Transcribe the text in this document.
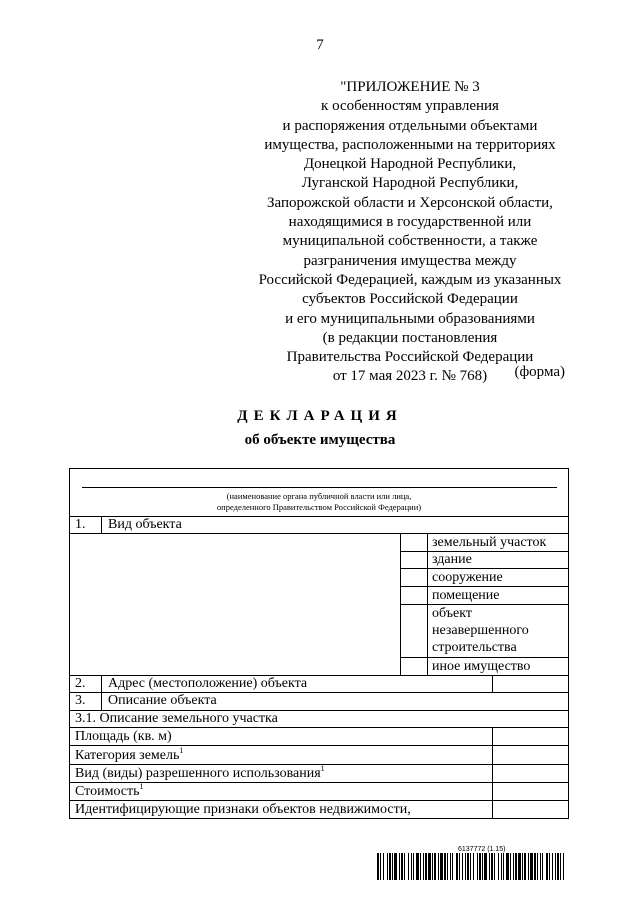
7
"ПРИЛОЖЕНИЕ № 3
к особенностям управления
и распоряжения отдельными объектами
имущества, расположенными на территориях
Донецкой Народной Республики,
Луганской Народной Республики,
Запорожской области и Херсонской области,
находящимися в государственной или
муниципальной собственности, а также
разграничения имущества между
Российской Федерацией, каждым из указанных
субъектов Российской Федерации
и его муниципальными образованиями
(в редакции постановления
Правительства Российской Федерации
от 17 мая 2023 г. № 768)	(форма)
ДЕКЛАРАЦИЯ
об объекте имущества
(наименование органа публичной власти или лица,
определенного Правительством Российской Федерации)
1. Вид объекта
земельный участок
здание
сооружение
помещение
объект
незавершенного
строительства
иное имущество
2. Адрес (местоположение) объекта
3. Описание объекта
3.1. Описание земельного участка
Площадь (кв. м)
Категория земель$^1$
Вид (виды) разрешенного использования$^1$
Стоимость$^1$
Идентифицирующие признаки объектов недвижимости,
6137772 (1.15)
